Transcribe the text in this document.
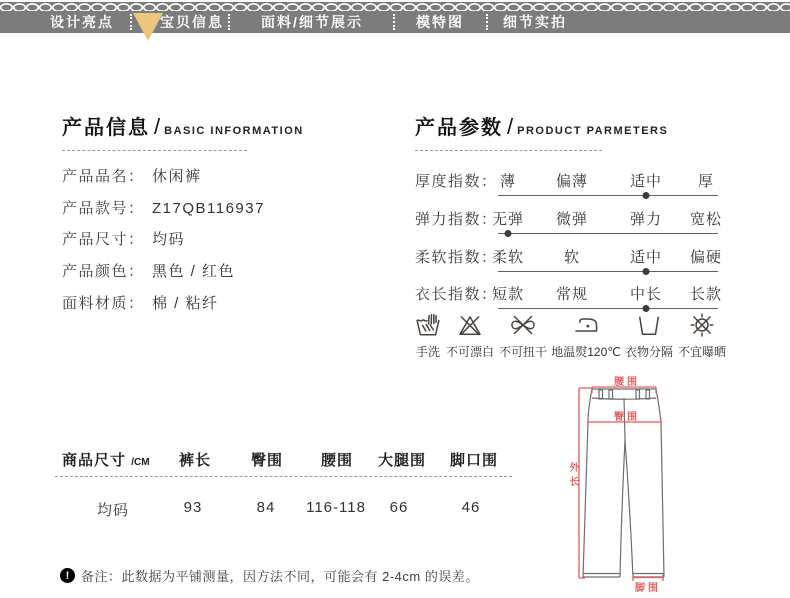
设计亮点	宝贝信息	面料/细节展示	模特图	细节实拍
产品信息 / BASIC INFORMATION
产品品名： 休闲裤
产品款号： Z17QB116937
产品尺寸： 均码
产品颜色： 黑色 / 红色
面料材质： 棉 / 粘纤
产品参数 / PRODUCT PARMETERS
厚度指数： 薄	偏薄	适中 厚
弹力指数：
无弹 微弹	弹力 宽松
柔软指数：
柔软	软	适中 偏硬
衣长指数：
短款 常规	中长 长款
手洗 不可漂白 不可扭干 地温熨120℃ 衣物分隔 不宜曝晒
商品尺寸 /CM 裤长	臀围	腰围 大腿围 脚口围
均码	93	84 116-118 66	46
! 备注：此数据为平铺测量，因方法不同，可能会有 2-4cm 的误差。
腰围
臀围
外长
脚围
